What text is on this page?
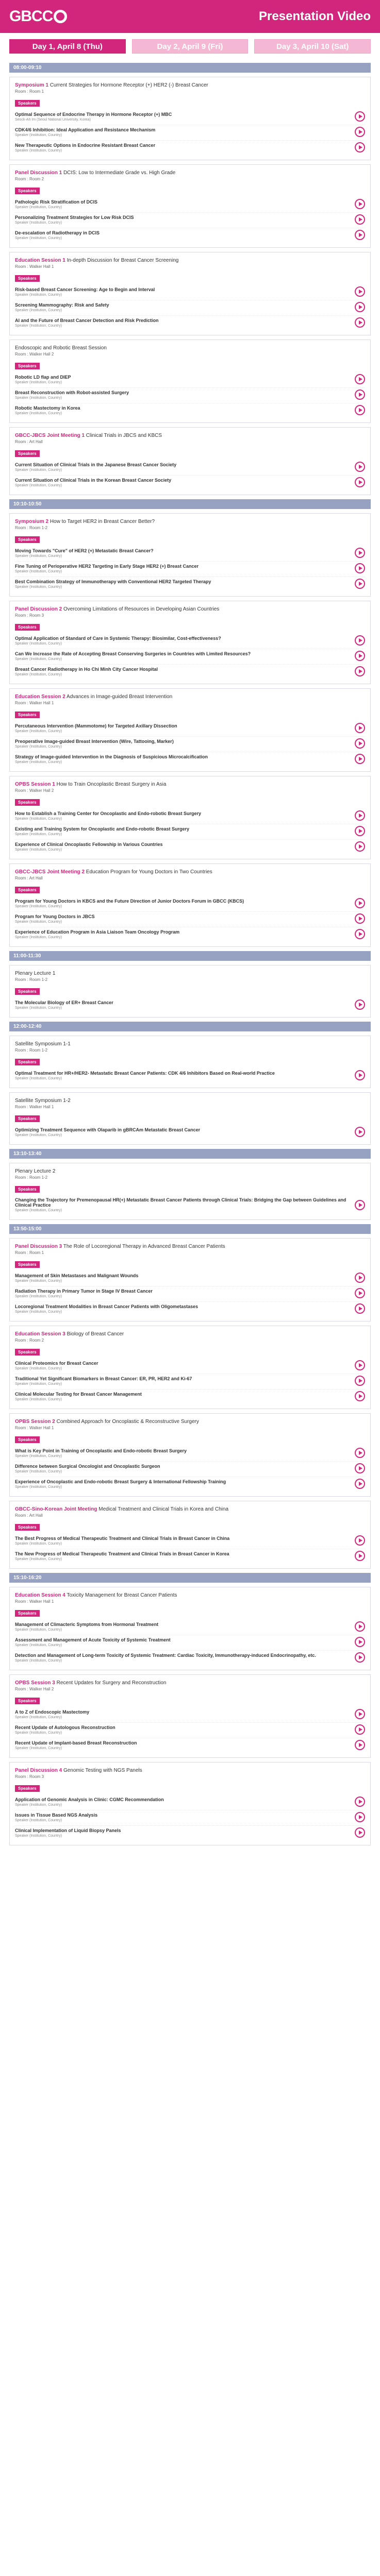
GBCC	Presentation Video
Day 1, April 8 (Thu)	Day 2, April 9 (Fri)	Day 3, April 10 (Sat)
08:00-09:10
Symposium 1 Current Strategies for Hormone Receptor (+) HER2 (-) Breast Cancer
Room : Room 1
Speakers
Optimal Sequence of Endocrine Therapy in Hormone Receptor (+) MBC
Seock-Ah Im (Seoul National University, Korea)
CDK4/6 Inhibition: Ideal Application and Resistance Mechanism
Speaker (Institution, Country)
New Therapeutic Options in Endocrine Resistant Breast Cancer
Speaker (Institution, Country)
Panel Discussion 1 DCIS: Low to Intermediate Grade vs. High Grade
Room : Room 2
Speakers
Pathologic Risk Stratification of DCIS
Speaker (Institution, Country)
Personalizing Treatment Strategies for Low Risk DCIS
Speaker (Institution, Country)
De-escalation of Radiotherapy in DCIS
Speaker (Institution, Country)
Education Session 1 In-depth Discussion for Breast Cancer Screening
Room : Walker Hall 1
Speakers
Risk-based Breast Cancer Screening: Age to Begin and Interval
Speaker (Institution, Country)
Screening Mammography: Risk and Safety
Speaker (Institution, Country)
AI and the Future of Breast Cancer Detection and Risk Prediction
Speaker (Institution, Country)
Endoscopic and Robotic Breast Session
Room : Walker Hall 2
Speakers
Robotic LD flap and DIEP
Speaker (Institution, Country)
Breast Reconstruction with Robot-assisted Surgery
Speaker (Institution, Country)
Robotic Mastectomy in Korea
Speaker (Institution, Country)
GBCC-JBCS Joint Meeting 1 Clinical Trials in JBCS and KBCS
Room : Art Hall
Speakers
Current Situation of Clinical Trials in the Japanese Breast Cancer Society
Speaker (Institution, Country)
Current Situation of Clinical Trials in the Korean Breast Cancer Society
Speaker (Institution, Country)
10:10-10:50
Symposium 2 How to Target HER2 in Breast Cancer Better?
Room : Room 1-2
Speakers
Moving Towards "Cure" of HER2 (+) Metastatic Breast Cancer?
Speaker (Institution, Country)
Fine Tuning of Perioperative HER2 Targeting in Early Stage HER2 (+) Breast Cancer
Speaker (Institution, Country)
Best Combination Strategy of Immunotherapy with Conventional HER2 Targeted Therapy
Speaker (Institution, Country)
Panel Discussion 2 Overcoming Limitations of Resources in Developing Asian Countries
Room : Room 3
Speakers
Optimal Application of Standard of Care in Systemic Therapy: Biosimilar, Cost-effectiveness?
Speaker (Institution, Country)
Can We Increase the Rate of Accepting Breast Conserving Surgeries in Countries with Limited Resources?
Speaker (Institution, Country)
Breast Cancer Radiotherapy in Ho Chi Minh City Cancer Hospital
Speaker (Institution, Country)
Education Session 2 Advances in Image-guided Breast Intervention
Room : Walker Hall 1
Speakers
Percutaneous Intervention (Mammotome) for Targeted Axillary Dissection
Speaker (Institution, Country)
Preoperative Image-guided Breast Intervention (Wire, Tattooing, Marker)
Speaker (Institution, Country)
Strategy of Image-guided Intervention in the Diagnosis of Suspicious Microcalcification
Speaker (Institution, Country)
OPBS Session 1 How to Train Oncoplastic Breast Surgery in Asia
Room : Walker Hall 2
Speakers
How to Establish a Training Center for Oncoplastic and Endo-robotic Breast Surgery
Speaker (Institution, Country)
Existing and Training System for Oncoplastic and Endo-robotic Breast Surgery
Speaker (Institution, Country)
Experience of Clinical Oncoplastic Fellowship in Various Countries
Speaker (Institution, Country)
GBCC-JBCS Joint Meeting 2 Education Program for Young Doctors in Two Countries
Room : Art Hall
Speakers
Program for Young Doctors in KBCS and the Future Direction of Junior Doctors Forum in GBCC (KBCS)
Speaker (Institution, Country)
Program for Young Doctors in JBCS
Speaker (Institution, Country)
Experience of Education Program in Asia Liaison Team Oncology Program
Speaker (Institution, Country)
11:00-11:30
Plenary Lecture 1
Room : Room 1-2
Speakers
The Molecular Biology of ER+ Breast Cancer
Speaker (Institution, Country)
12:00-12:40
Satellite Symposium 1-1
Room : Room 1-2
Speakers
Optimal Treatment for HR+/HER2- Metastatic Breast Cancer Patients: CDK 4/6 Inhibitors Based on Real-world Practice
Speaker (Institution, Country)
Satellite Symposium 1-2
Room : Walker Hall 1
Speakers
Optimizing Treatment Sequence with Olaparib in gBRCAm Metastatic Breast Cancer
Speaker (Institution, Country)
13:10-13:40
Plenary Lecture 2
Room : Room 1-2
Speakers
Changing the Trajectory for Premenopausal HR(+) Metastatic Breast Cancer Patients through Clinical Trials: Bridging the Gap between Guidelines and Clinical Practice
Speaker (Institution, Country)
13:50-15:00
Panel Discussion 3 The Role of Locoregional Therapy in Advanced Breast Cancer Patients
Room : Room 1
Speakers
Management of Skin Metastases and Malignant Wounds
Speaker (Institution, Country)
Radiation Therapy in Primary Tumor in Stage IV Breast Cancer
Speaker (Institution, Country)
Locoregional Treatment Modalities in Breast Cancer Patients with Oligometastases
Speaker (Institution, Country)
Education Session 3 Biology of Breast Cancer
Room : Room 2
Speakers
Clinical Proteomics for Breast Cancer
Speaker (Institution, Country)
Traditional Yet Significant Biomarkers in Breast Cancer: ER, PR, HER2 and Ki-67
Speaker (Institution, Country)
Clinical Molecular Testing for Breast Cancer Management
Speaker (Institution, Country)
OPBS Session 2 Combined Approach for Oncoplastic & Reconstructive Surgery
Room : Walker Hall 1
Speakers
What is Key Point in Training of Oncoplastic and Endo-robotic Breast Surgery
Speaker (Institution, Country)
Difference between Surgical Oncologist and Oncoplastic Surgeon
Speaker (Institution, Country)
Experience of Oncoplastic and Endo-robotic Breast Surgery & International Fellowship Training
Speaker (Institution, Country)
GBCC-Sino-Korean Joint Meeting Medical Treatment and Clinical Trials in Korea and China
Room : Art Hall
Speakers
The Best Progress of Medical Therapeutic Treatment and Clinical Trials in Breast Cancer in China
Speaker (Institution, Country)
The New Progress of Medical Therapeutic Treatment and Clinical Trials in Breast Cancer in Korea
Speaker (Institution, Country)
15:10-16:20
Education Session 4 Toxicity Management for Breast Cancer Patients
Room : Walker Hall 1
Speakers
Management of Climacteric Symptoms from Hormonal Treatment
Speaker (Institution, Country)
Assessment and Management of Acute Toxicity of Systemic Treatment
Speaker (Institution, Country)
Detection and Management of Long-term Toxicity of Systemic Treatment: Cardiac Toxicity, Immunotherapy-induced Endocrinopathy, etc.
Speaker (Institution, Country)
OPBS Session 3 Recent Updates for Surgery and Reconstruction
Room : Walker Hall 2
Speakers
A to Z of Endoscopic Mastectomy
Speaker (Institution, Country)
Recent Update of Autologous Reconstruction
Speaker (Institution, Country)
Recent Update of Implant-based Breast Reconstruction
Speaker (Institution, Country)
Panel Discussion 4 Genomic Testing with NGS Panels
Room : Room 3
Speakers
Application of Genomic Analysis in Clinic: CGMC Recommendation
Speaker (Institution, Country)
Issues in Tissue Based NGS Analysis
Speaker (Institution, Country)
Clinical Implementation of Liquid Biopsy Panels
Speaker (Institution, Country)
